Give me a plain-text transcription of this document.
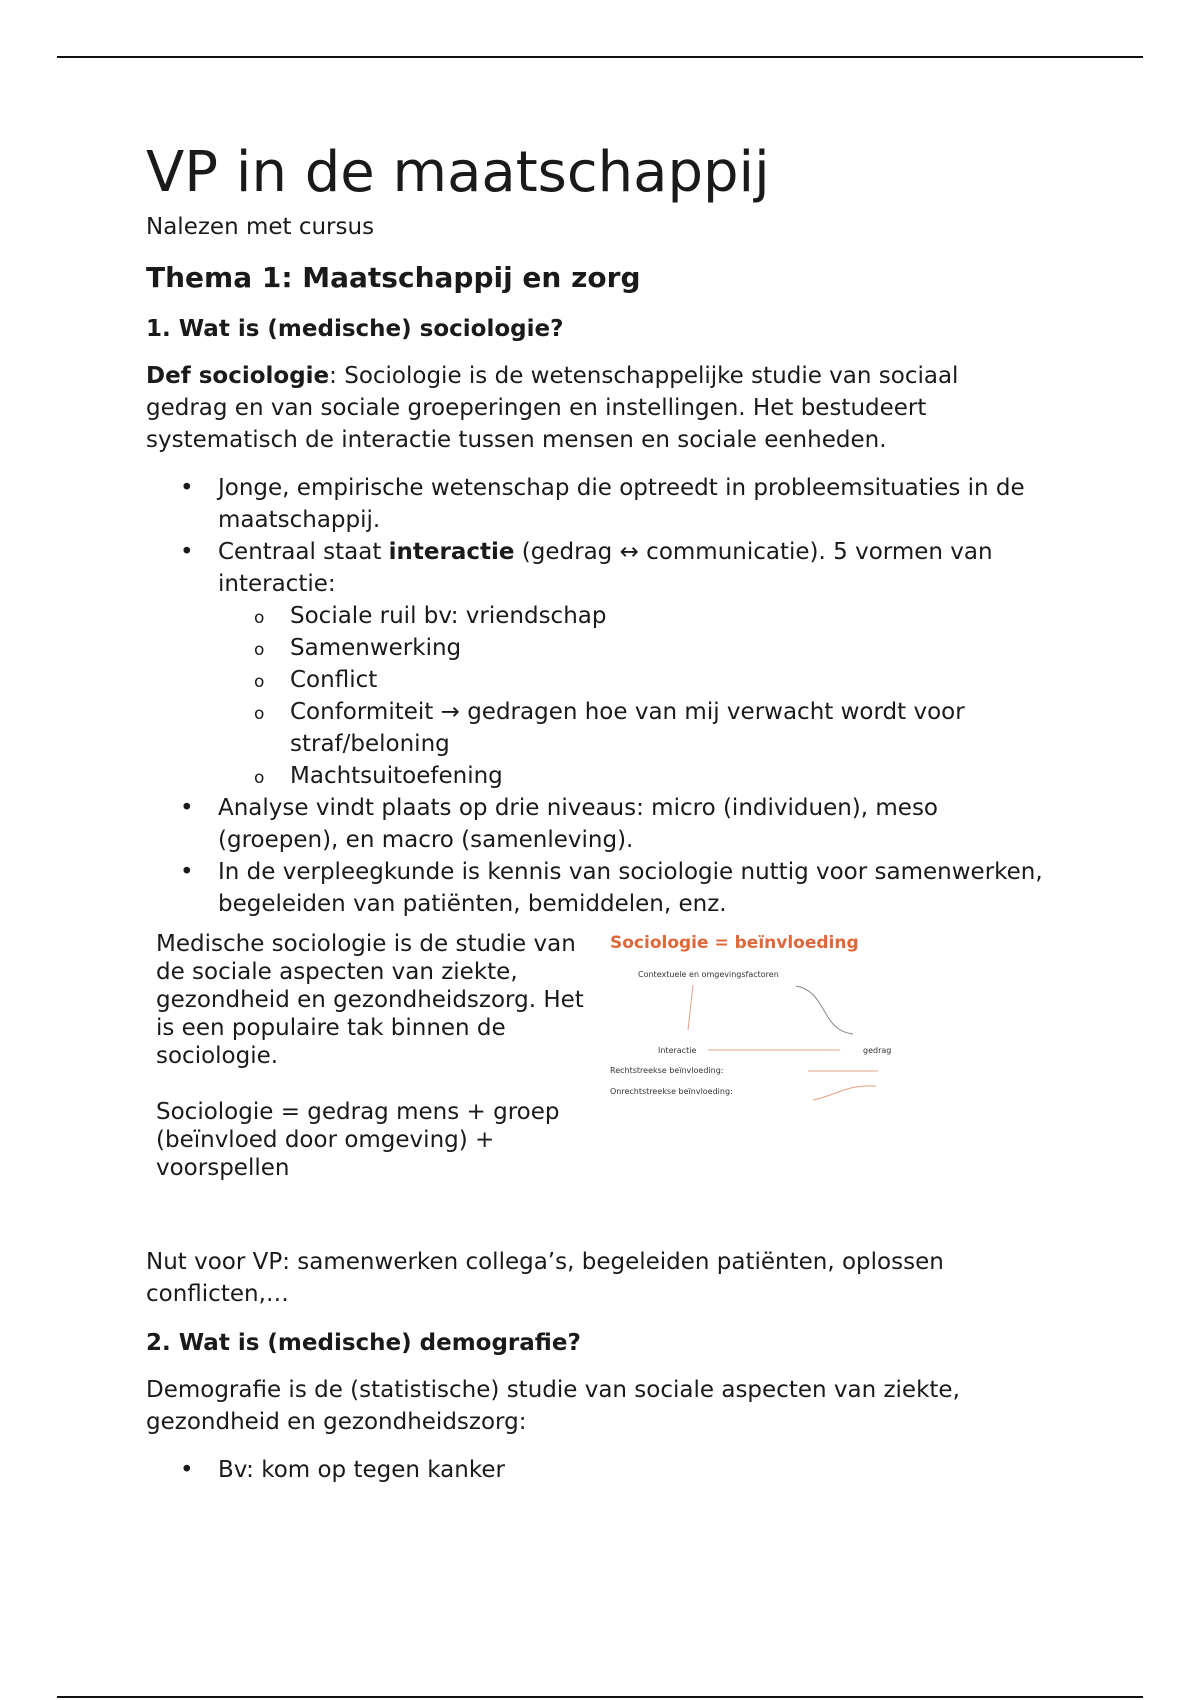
VP in de maatschappij

Nalezen met cursus

Thema 1: Maatschappij en zorg

1. Wat is (medische) sociologie?

Def sociologie: Sociologie is de wetenschappelijke studie van sociaal gedrag en van sociale groeperingen en instellingen. Het bestudeert systematisch de interactie tussen mensen en sociale eenheden.

• Jonge, empirische wetenschap die optreedt in probleemsituaties in de maatschappij.
• Centraal staat interactie (gedrag ↔ communicatie). 5 vormen van interactie:
o Sociale ruil bv: vriendschap
o Samenwerking
o Conflict
o Conformiteit → gedragen hoe van mij verwacht wordt voor straf/beloning
o Machtsuitoefening
• Analyse vindt plaats op drie niveaus: micro (individuen), meso (groepen), en macro (samenleving).
• In de verpleegkunde is kennis van sociologie nuttig voor samenwerken, begeleiden van patiënten, bemiddelen, enz.

Medische sociologie is de studie van de sociale aspecten van ziekte, gezondheid en gezondheidszorg. Het is een populaire tak binnen de sociologie.

Sociologie = gedrag mens + groep (beïnvloed door omgeving) + voorspellen

Sociologie = beïnvloeding
Contextuele en omgevingsfactoren
Interactie	gedrag
Rechtstreekse beïnvloeding:
Onrechtstreekse beïnvloeding:

Nut voor VP: samenwerken collega’s, begeleiden patiënten, oplossen conflicten,…

2. Wat is (medische) demografie?

Demografie is de (statistische) studie van sociale aspecten van ziekte, gezondheid en gezondheidszorg:

• Bv: kom op tegen kanker
